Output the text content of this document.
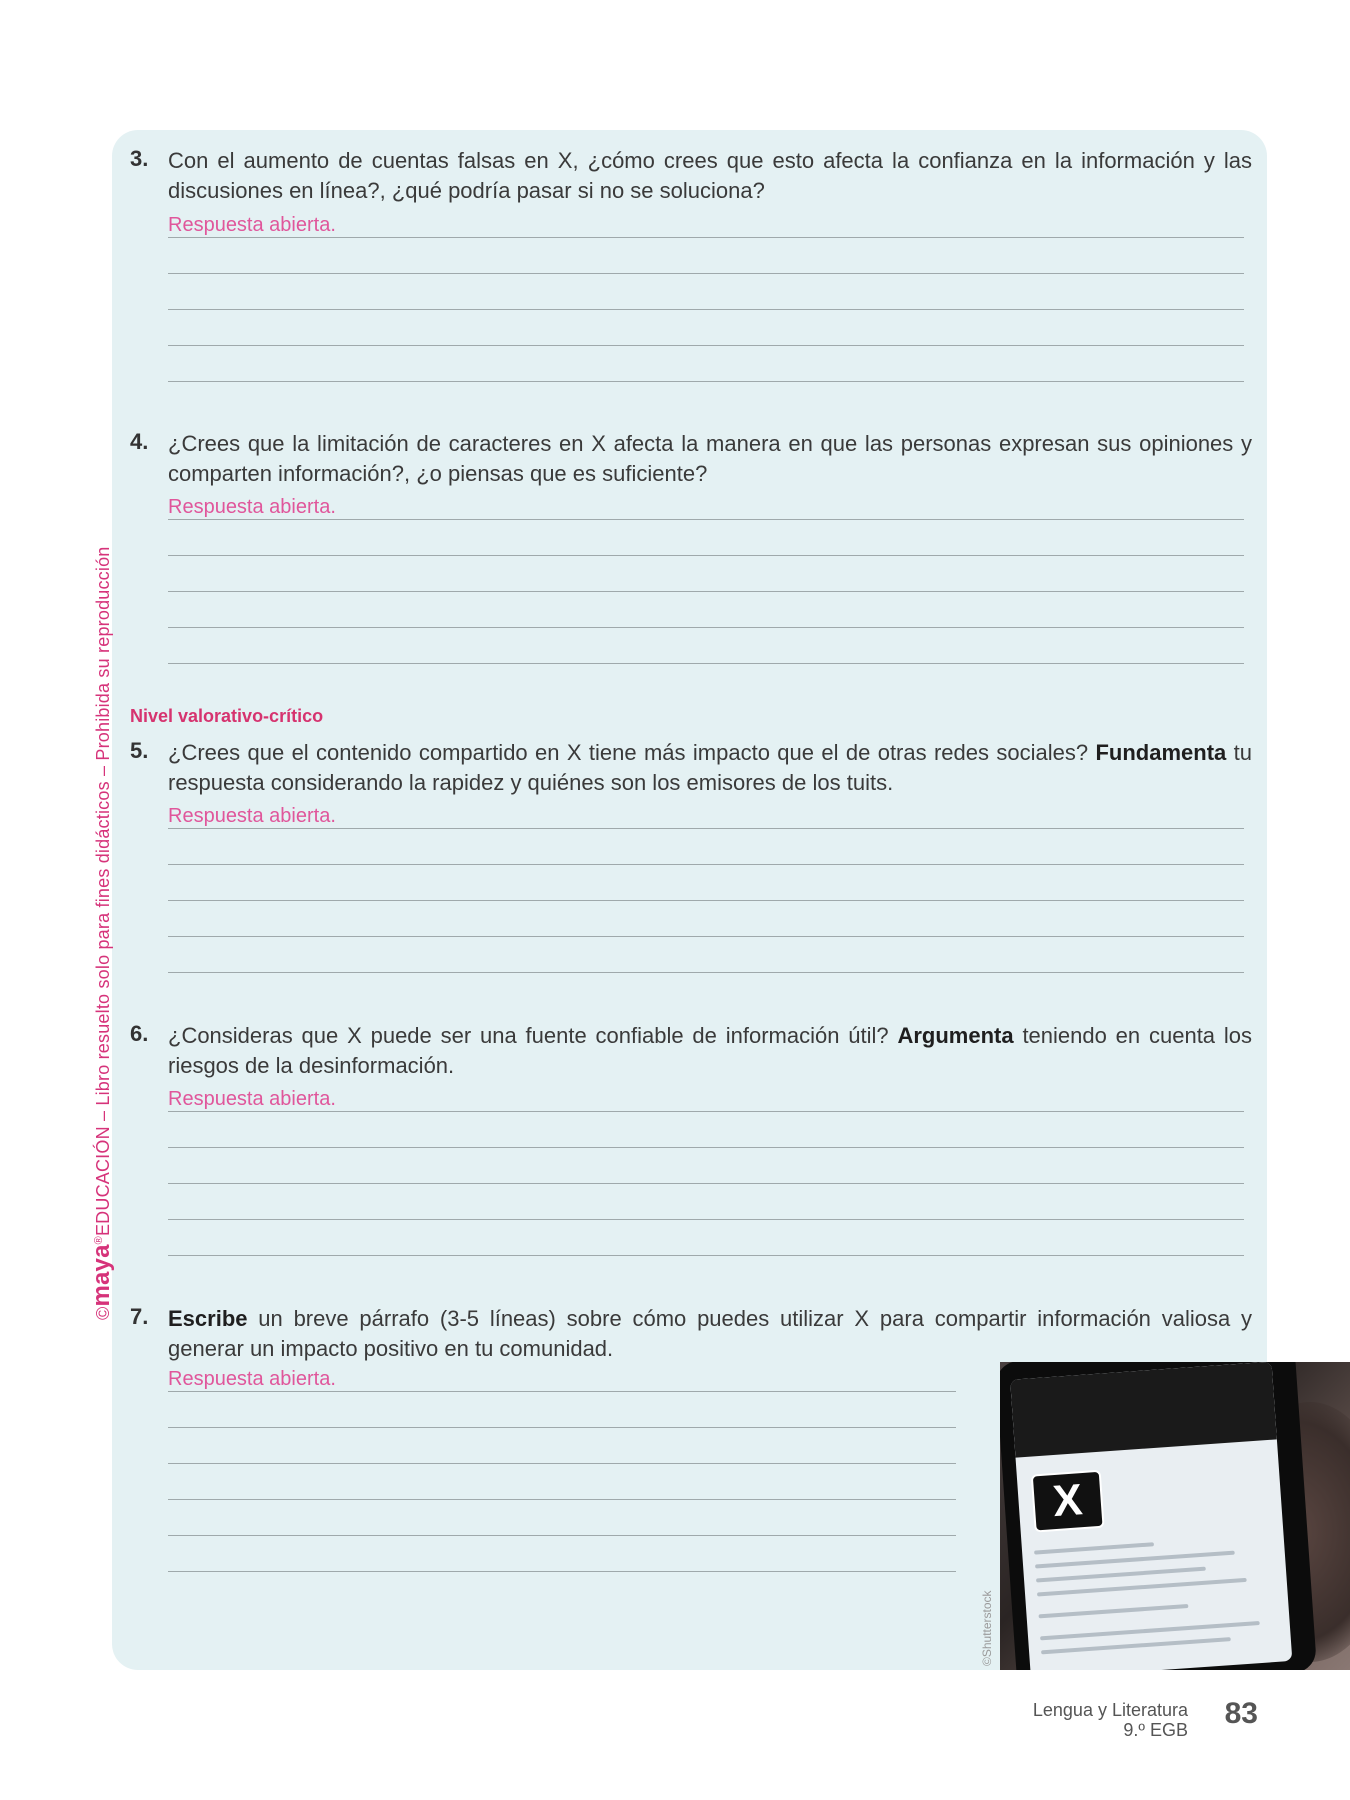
©maya®EDUCACIÓN – Libro resuelto solo para fines didácticos – Prohibida su reproducción
3. Con el aumento de cuentas falsas en X, ¿cómo crees que esto afecta la confianza en la información y las discusiones en línea?, ¿qué podría pasar si no se soluciona?

Respuesta abierta.
4. ¿Crees que la limitación de caracteres en X afecta la manera en que las personas expresan sus opiniones y comparten información?, ¿o piensas que es suficiente?

Respuesta abierta.
Nivel valorativo-crítico
5. ¿Crees que el contenido compartido en X tiene más impacto que el de otras redes sociales? Fundamenta tu respuesta considerando la rapidez y quiénes son los emisores de los tuits.

Respuesta abierta.
6. ¿Consideras que X puede ser una fuente confiable de información útil? Argumenta teniendo en cuenta los riesgos de la desinformación.

Respuesta abierta.
7. Escribe un breve párrafo (3-5 líneas) sobre cómo puedes utilizar X para compartir información valiosa y generar un impacto positivo en tu comunidad.

Respuesta abierta.
X
©Shutterstock
Lengua y Literatura
9.º EGB 83
